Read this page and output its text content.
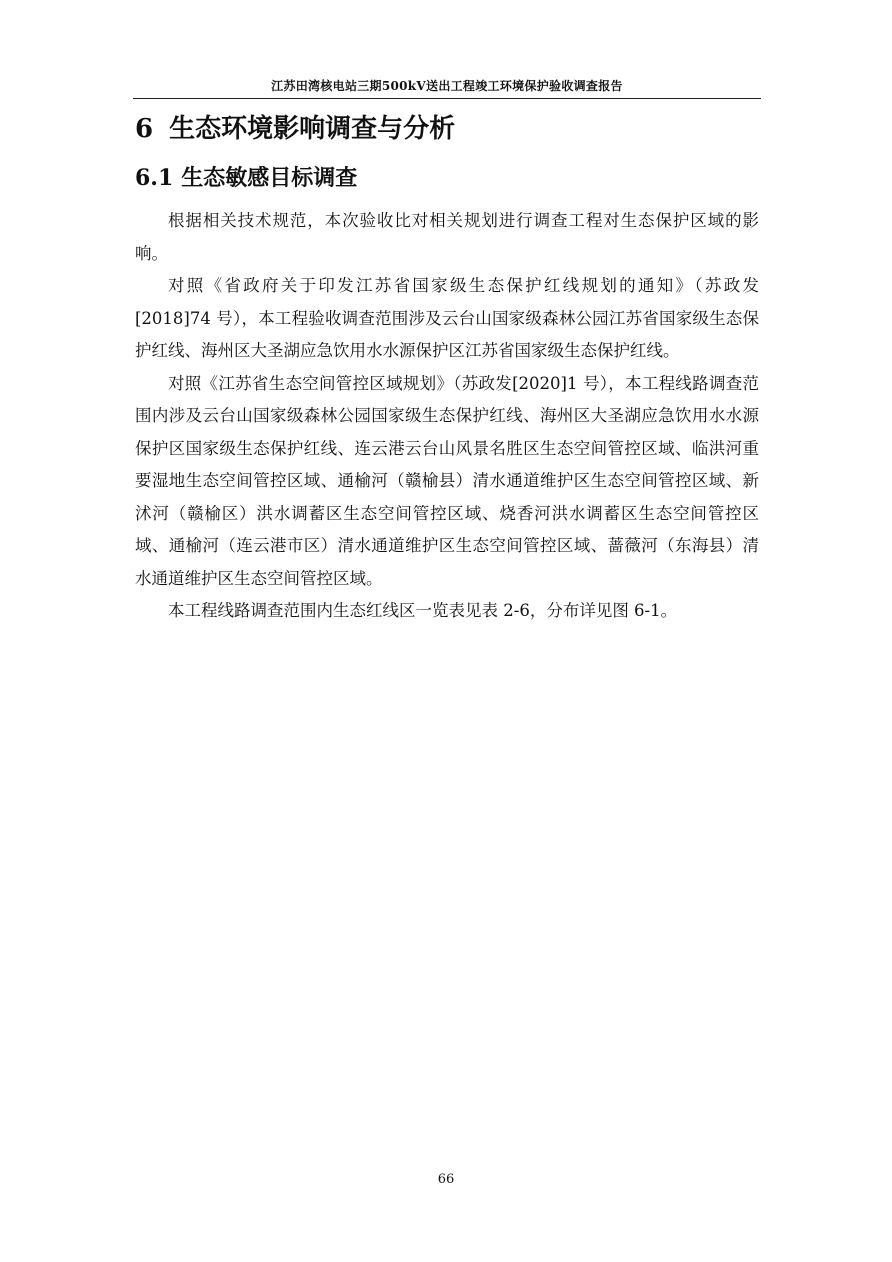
江苏田湾核电站三期500kV送出工程竣工环境保护验收调查报告
6 生态环境影响调查与分析
6.1 生态敏感目标调查

根据相关技术规范，本次验收比对相关规划进行调查工程对生态保护区域的影响。

对照《省政府关于印发江苏省国家级生态保护红线规划的通知》（苏政发[2018]74 号），本工程验收调查范围涉及云台山国家级森林公园江苏省国家级生态保护红线、海州区大圣湖应急饮用水水源保护区江苏省国家级生态保护红线。

对照《江苏省生态空间管控区域规划》（苏政发[2020]1 号），本工程线路调查范围内涉及云台山国家级森林公园国家级生态保护红线、海州区大圣湖应急饮用水水源保护区国家级生态保护红线、连云港云台山风景名胜区生态空间管控区域、临洪河重要湿地生态空间管控区域、通榆河（赣榆县）清水通道维护区生态空间管控区域、新沭河（赣榆区）洪水调蓄区生态空间管控区域、烧香河洪水调蓄区生态空间管控区域、通榆河（连云港市区）清水通道维护区生态空间管控区域、蔷薇河（东海县）清水通道维护区生态空间管控区域。

本工程线路调查范围内生态红线区一览表见表 2-6，分布详见图 6-1。

66
